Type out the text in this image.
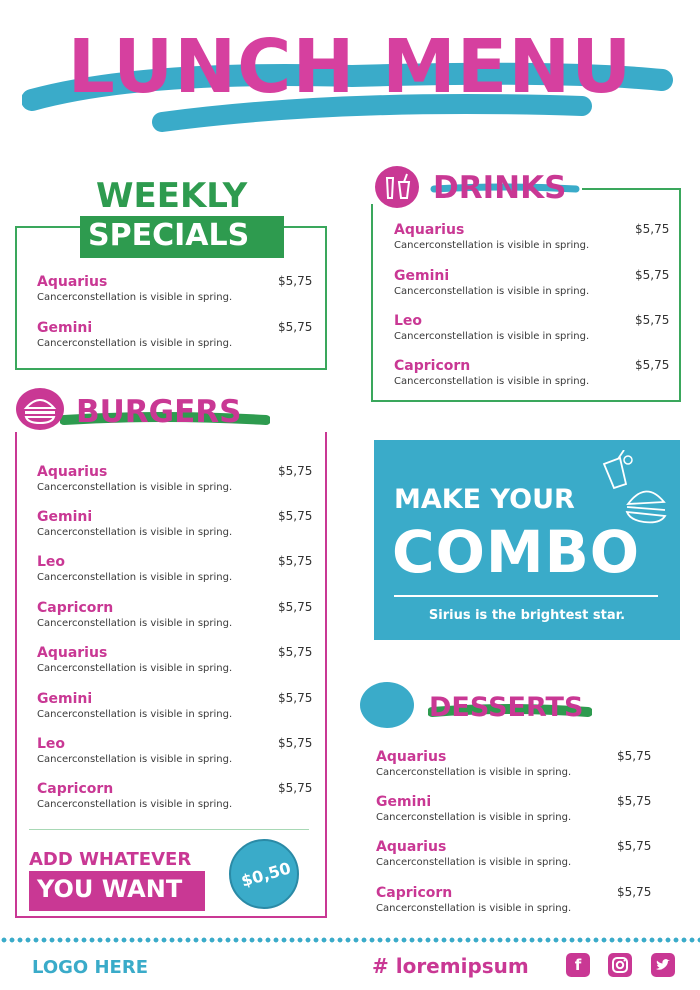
LUNCH MENU
WEEKLY
SPECIALS
Aquarius
Cancerconstellation is visible in spring.
$5,75
Gemini
Cancerconstellation is visible in spring.
$5,75
BURGERS
Aquarius
Cancerconstellation is visible in spring.
$5,75
Gemini
Cancerconstellation is visible in spring.
$5,75
Leo
Cancerconstellation is visible in spring.
$5,75
Capricorn
Cancerconstellation is visible in spring.
$5,75
Aquarius
Cancerconstellation is visible in spring.
$5,75
Gemini
Cancerconstellation is visible in spring.
$5,75
Leo
Cancerconstellation is visible in spring.
$5,75
Capricorn
Cancerconstellation is visible in spring.
$5,75
ADD WHATEVER
YOU WANT	$0,50
DRINKS
Aquarius
Cancerconstellation is visible in spring.
$5,75
Gemini
Cancerconstellation is visible in spring.
$5,75
Leo
Cancerconstellation is visible in spring.
$5,75
Capricorn
Cancerconstellation is visible in spring.
$5,75
MAKE YOUR
COMBO
Sirius is the brightest star.
DESSERTS
Aquarius
Cancerconstellation is visible in spring.
$5,75
Gemini
Cancerconstellation is visible in spring.
$5,75
Aquarius
Cancerconstellation is visible in spring.
$5,75
Capricorn
Cancerconstellation is visible in spring.
$5,75
LOGO HERE	# loremipsum	f
